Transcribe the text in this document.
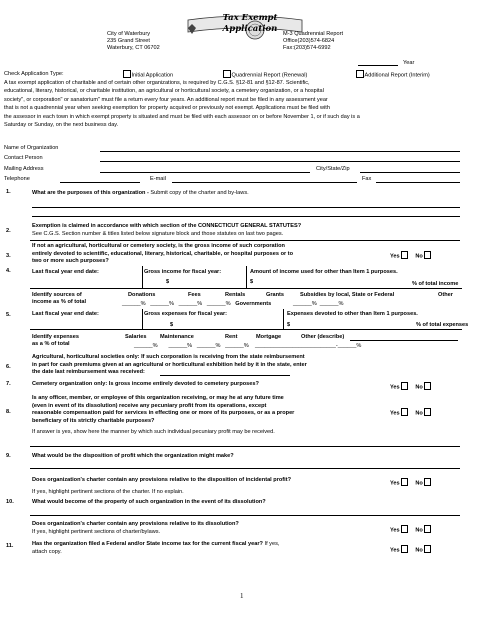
Tax Exempt Application
City of Waterbury
235 Grand Street
Waterbury, CT 06702
M-3 Quadrennial Report
Office(203)574-6824
Fax:(203)574-6992
Year
Check Application Type:	Initial Application	Quadrennial Report (Renewal)	Additional Report (Interim)
A tax exempt application of charitable and of certain other organizations, is required by C.G.S. §12-81 and §12-87. Scientific,
educational, literary, historical, or charitable institution, an agricultural or horticultural society, a cemetery organization, or a hospital
society", or corporation" or sanatorium" must file a return every four years. An additional report must be filed in any assessment year
that is not a quadrennial year when seeking exemption for property acquired or previously not exempt. Applications must be filed with
the assessor in each town in which exempt property is situated and must be filed with each assessor on or before November 1, or if such day is a
Saturday or Sunday, on the next business day.
Name of Organization
Contact Person
Mailing Address	City/State/Zip
Telephone	E-mail	Fax
1.	What are the purposes of this organization - Submit copy of the charter and by-laws.
2.
Exemption is claimed in accordance with which section of the CONNECTICUT GENERAL STATUTES?
See C.G.S. Section number & titles listed below signature block and those statutes on last two pages.
3.
If not an agricultural, horticultural or cemetery society, is the gross income of such corporation
entirely devoted to scientific, educational, literary, historical, charitable, or hospital purposes or to
two or more such purposes?
Yes	No
4.	Last fiscal year end date:	Gross income for fiscal year:	Amount of income used for other than Item 1 purposes.
$	$	% of total income
Identify sources of
income as % of total
Donations	Fees	Rentals	Grants	Subsidies by local, State or Federal	Other
______%   ______%   ______%   ______%   Governments              ______%  ______%
5.	Last fiscal year end date:	Gross expenses for fiscal year:	Expenses devoted to other than Item 1 purposes.
$	$	% of total expenses
Identify expenses
as a % of total
Salaries Maintenance	Rent	Mortgage	Other (describe)
______%       ______%   ______%   ______%    __________________________-______%
6.
Agricultural, horticultural societies only: If such corporation is receiving from the state reimbursement
in part for cash premiums given at an agricultural or horticultural exhibition held by it in the state, enter
the date last reimbursement was received:
7.	Cemetery organization only: Is gross income entirely devoted to cemetery purposes?
Yes	No
8.
Is any officer, member, or employee of this organization receiving, or may he at any future time
(even in event of its dissolution) receive any pecuniary profit from its operations, except
reasonable compensation paid for services in effecting one or more of its purposes, or as a proper
beneficiary of its strictly charitable purposes?
Yes	No
If answer is yes, show here the manner by which such individual pecuniary profit may be received.
9.	What would be the disposition of profit which the organization might make?
10.
Does organization's charter contain any provisions relative to the disposition of incidental profit?
Yes	No
If yes, highlight pertinent sections of the charter. If no explain.
What would become of the property of such organization in the event of its dissolution?
11.
Does organization's charter contain any provisions relative to its dissolution?
Yes	No
If yes, highlight pertinent sections of charter/bylaws.
Has the organization filed a Federal and/or State income tax for the current fiscal year? If yes,
attach copy.	Yes	No
1
